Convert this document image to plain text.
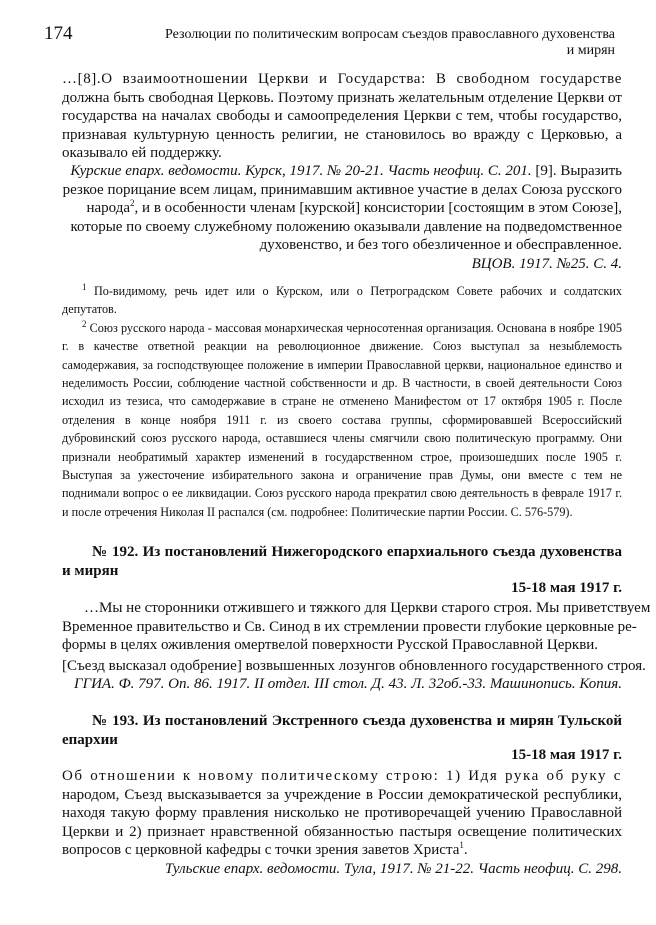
174	Резолюции по политическим вопросам съездов православного духовенства и мирян
…[8].О взаимоотношении Церкви и Государства: В свободном государстве
должна быть свободная Церковь. Поэтому признать желательным отделение Церкви от
государства на началах свободы и самоопределения Церкви с тем, чтобы государство,
признавая культурную ценность религии, не становилось во вражду с Церковью, а
оказывало ей поддержку.
Курские епарх. ведомости. Курск, 1917. № 20-21. Часть неофиц. С. 201. [9]. Выразить
резкое порицание всем лицам, принимавшим активное участие в делах Союза русского
народа$^2$, и в особенности членам [курской] консистории [состоящим в этом Союзе],
которые по своему служебному положению оказывали давление на подведомственное
духовенство, и без того обезличенное и обесправленное.
ВЦОВ. 1917. №25. С. 4.

$^1$ По-видимому, речь идет или о Курском, или о Петроградском Совете рабочих и солдатских депутатов.

$^2$ Союз русского народа - массовая монархическая черносотенная организация. Основана в ноябре 1905 г. в качестве ответной реакции на революционное движение. Союз выступал за незыблемость самодержавия, за господствующее положение в империи Православной церкви, национальное единство и неделимость России, соблюдение частной собственности и др. В частности, в своей деятельности Союз исходил из тезиса, что самодержавие в стране не отменено Манифестом от 17 октября 1905 г. После отделения в конце ноября 1911 г. из своего состава группы, сформировавшей Всероссийский дубровинский союз русского народа, оставшиеся члены смягчили свою политическую программу. Они признали необратимый характер изменений в государственном строе, произошедших после 1905 г. Выступая за ужесточение избирательного закона и ограничение прав Думы, они вместе с тем не поднимали вопрос о ее ликвидации. Союз русского народа прекратил свою деятельность в феврале 1917 г. и после отречения Николая II распался (см. подробнее: Политические партии России. С. 576-579).

№ 192. Из постановлений Нижегородского епархиального съезда духовенства и мирян
15-18 мая 1917 г.
…Мы не сторонники отжившего и тяжкого для Церкви старого строя. Мы приветствуем
Временное правительство и Св. Синод в их стремлении провести глубокие церковные ре-
формы в целях оживления омертвелой поверхности Русской Православной Церкви.
[Съезд высказал одобрение] возвышенных лозунгов обновленного государственного строя.
ГГИА. Ф. 797. Оп. 86. 1917. II отдел. III стол. Д. 43. Л. 32об.-33. Машинопись. Копия.
№ 193. Из постановлений Экстренного съезда духовенства и мирян Тульской епархии
15-18 мая 1917 г.
Об отношении к новому политическому строю: 1) Идя рука об руку с
народом, Съезд высказывается за учреждение в России демократической республики,
находя такую форму правления нисколько не противоречащей учению Православной
Церкви и 2) признает нравственной обязанностью пастыря освещение политических
вопросов с церковной кафедры с точки зрения заветов Христа$^1$.
Тульские епарх. ведомости. Тула, 1917. № 21-22. Часть неофиц. С. 298.
